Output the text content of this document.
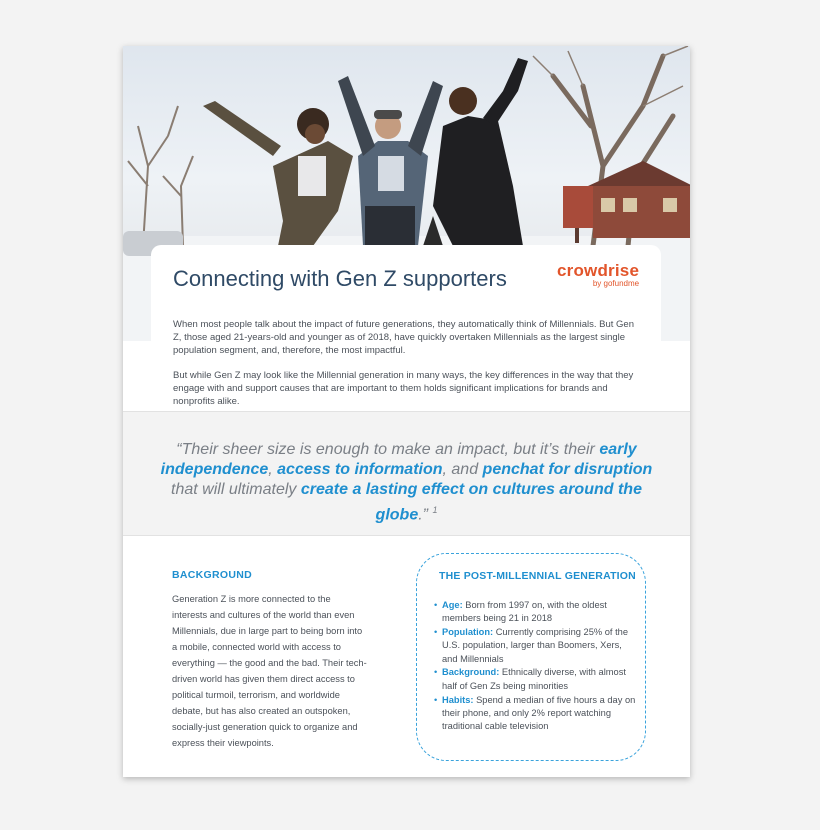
Connecting with Gen Z supporters	crowdrise
by gofundme

When most people talk about the impact of future generations, they automatically think of Millennials. But Gen Z, those aged 21-years-old and younger as of 2018, have quickly overtaken Millennials as the largest single population segment, and, therefore, the most impactful.

But while Gen Z may look like the Millennial generation in many ways, the key differences in the way that they engage with and support causes that are important to them holds significant implications for brands and nonprofits alike.

“Their sheer size is enough to make an impact, but it’s their early independence, access to information, and penchat for disruption that will ultimately create a lasting effect on cultures around the globe.” $^1$
BACKGROUND
Generation Z is more connected to the interests and cultures of the world than even Millennials, due in large part to being born into a mobile, connected world with access to everything — the good and the bad. Their tech-driven world has given them direct access to political turmoil, terrorism, and worldwide debate, but has also created an outspoken, socially-just generation quick to organize and express their viewpoints.
THE POST-MILLENNIAL GENERATION
• Age: Born from 1997 on, with the oldest members being 21 in 2018
• Population: Currently comprising 25% of the U.S. population, larger than Boomers, Xers, and Millennials
• Background: Ethnically diverse, with almost half of Gen Zs being minorities
• Habits: Spend a median of five hours a day on their phone, and only 2% report watching traditional cable television
